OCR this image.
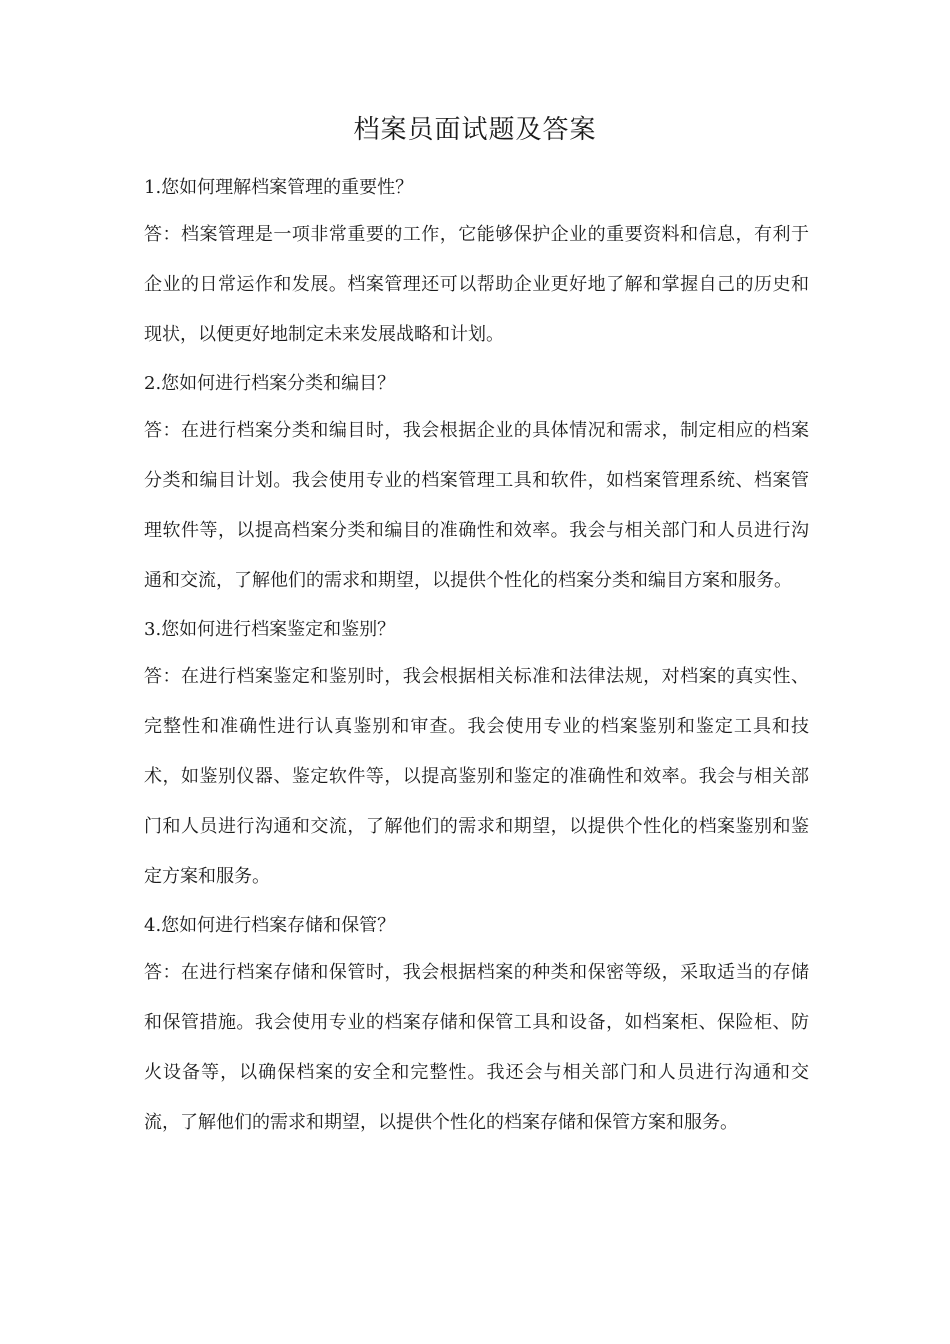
档案员面试题及答案

1.您如何理解档案管理的重要性？

答：档案管理是一项非常重要的工作，它能够保护企业的重要资料和信息，有利于企业的日常运作和发展。档案管理还可以帮助企业更好地了解和掌握自己的历史和现状，以便更好地制定未来发展战略和计划。

2.您如何进行档案分类和编目？

答：在进行档案分类和编目时，我会根据企业的具体情况和需求，制定相应的档案分类和编目计划。我会使用专业的档案管理工具和软件，如档案管理系统、档案管理软件等，以提高档案分类和编目的准确性和效率。我会与相关部门和人员进行沟通和交流，了解他们的需求和期望，以提供个性化的档案分类和编目方案和服务。

3.您如何进行档案鉴定和鉴别？

答：在进行档案鉴定和鉴别时，我会根据相关标准和法律法规，对档案的真实性、完整性和准确性进行认真鉴别和审查。我会使用专业的档案鉴别和鉴定工具和技术，如鉴别仪器、鉴定软件等，以提高鉴别和鉴定的准确性和效率。我会与相关部门和人员进行沟通和交流，了解他们的需求和期望，以提供个性化的档案鉴别和鉴定方案和服务。

4.您如何进行档案存储和保管？

答：在进行档案存储和保管时，我会根据档案的种类和保密等级，采取适当的存储和保管措施。我会使用专业的档案存储和保管工具和设备，如档案柜、保险柜、防火设备等，以确保档案的安全和完整性。我还会与相关部门和人员进行沟通和交流，了解他们的需求和期望，以提供个性化的档案存储和保管方案和服务。
